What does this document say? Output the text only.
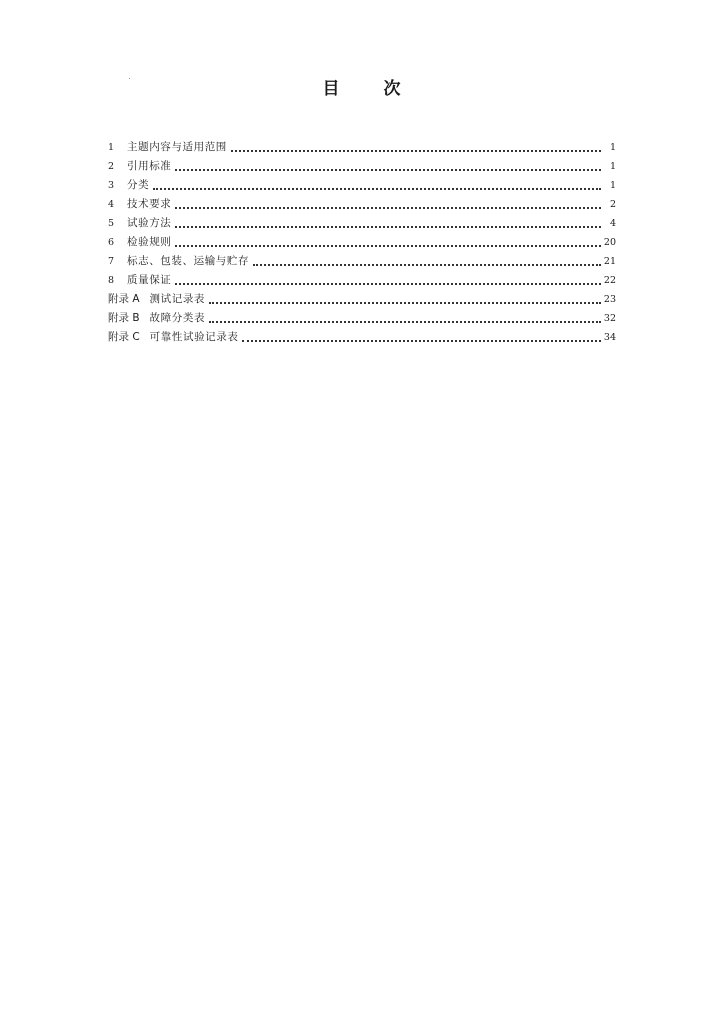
目 次
1	主题内容与适用范围	1
2	引用标准	1
3	分类	1
4	技术要求	2
5	试验方法	4
6	检验规则	20
7	标志、包装、运输与贮存	21
8	质量保证	22
附录 A 测试记录表	23
附录 B 故障分类表	32
附录 C 可靠性试验记录表	34
